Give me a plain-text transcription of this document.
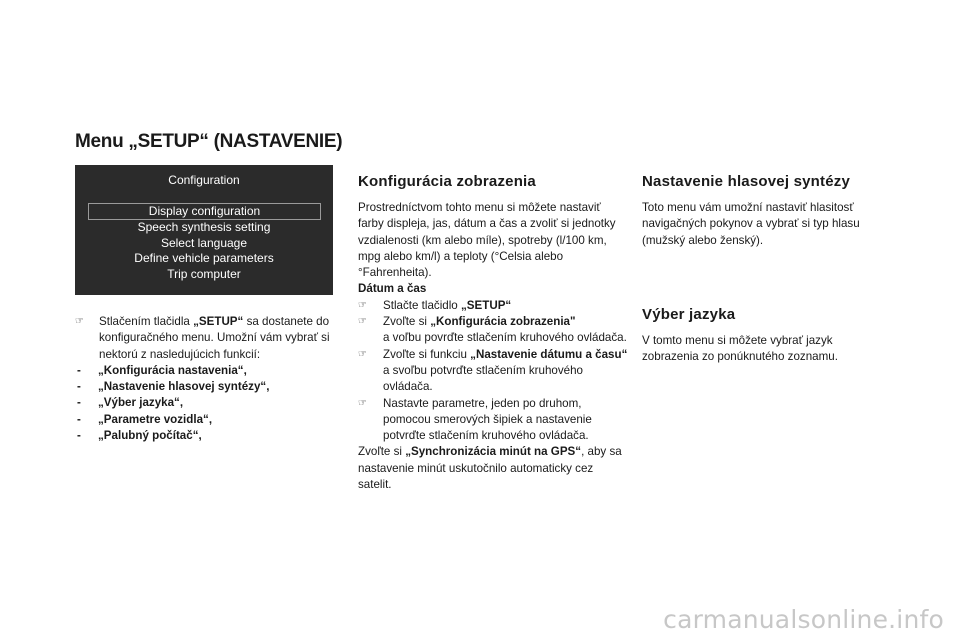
Menu „SETUP“ (NASTAVENIE)
Configuration
Display configuration
Speech synthesis setting
Select language
Define vehicle parameters
Trip computer
☞ Stlačením tlačidla „SETUP“ sa dostanete do konfiguračného menu. Umožní vám vybrať si nektorú z nasledujúcich funkcií:
- „Konfigurácia nastavenia“,
- „Nastavenie hlasovej syntézy“,
- „Výber jazyka“,
- „Parametre vozidla“,
- „Palubný počítač“,
Konfigurácia zobrazenia

Prostredníctvom tohto menu si môžete nastaviť farby displeja, jas, dátum a čas a zvoliť si jednotky vzdialenosti (km alebo míle), spotreby (l/100 km, mpg alebo km/l) a teploty (°Celsia alebo °Fahrenheita).

Dátum a čas

☞ Stlačte tlačidlo „SETUP“
☞ Zvoľte si „Konfigurácia zobrazenia"
a voľbu povrďte stlačením kruhového ovládača.
☞ Zvoľte si funkciu „Nastavenie dátumu a času“ a svoľbu potvrďte stlačením kruhového ovládača.
☞ Nastavte parametre, jeden po druhom, pomocou smerových šipiek a nastavenie potvrďte stlačením kruhového ovládača.

Zvoľte si „Synchronizácia minút na GPS“, aby sa nastavenie minút uskutočnilo automaticky cez satelit.

Nastavenie hlasovej syntézy

Toto menu vám umožní nastaviť hlasitosť navigačných pokynov a vybrať si typ hlasu (mužský alebo ženský).

Výber jazyka

V tomto menu si môžete vybrať jazyk zobrazenia zo ponúknutého zoznamu.

carmanualsonline.info
